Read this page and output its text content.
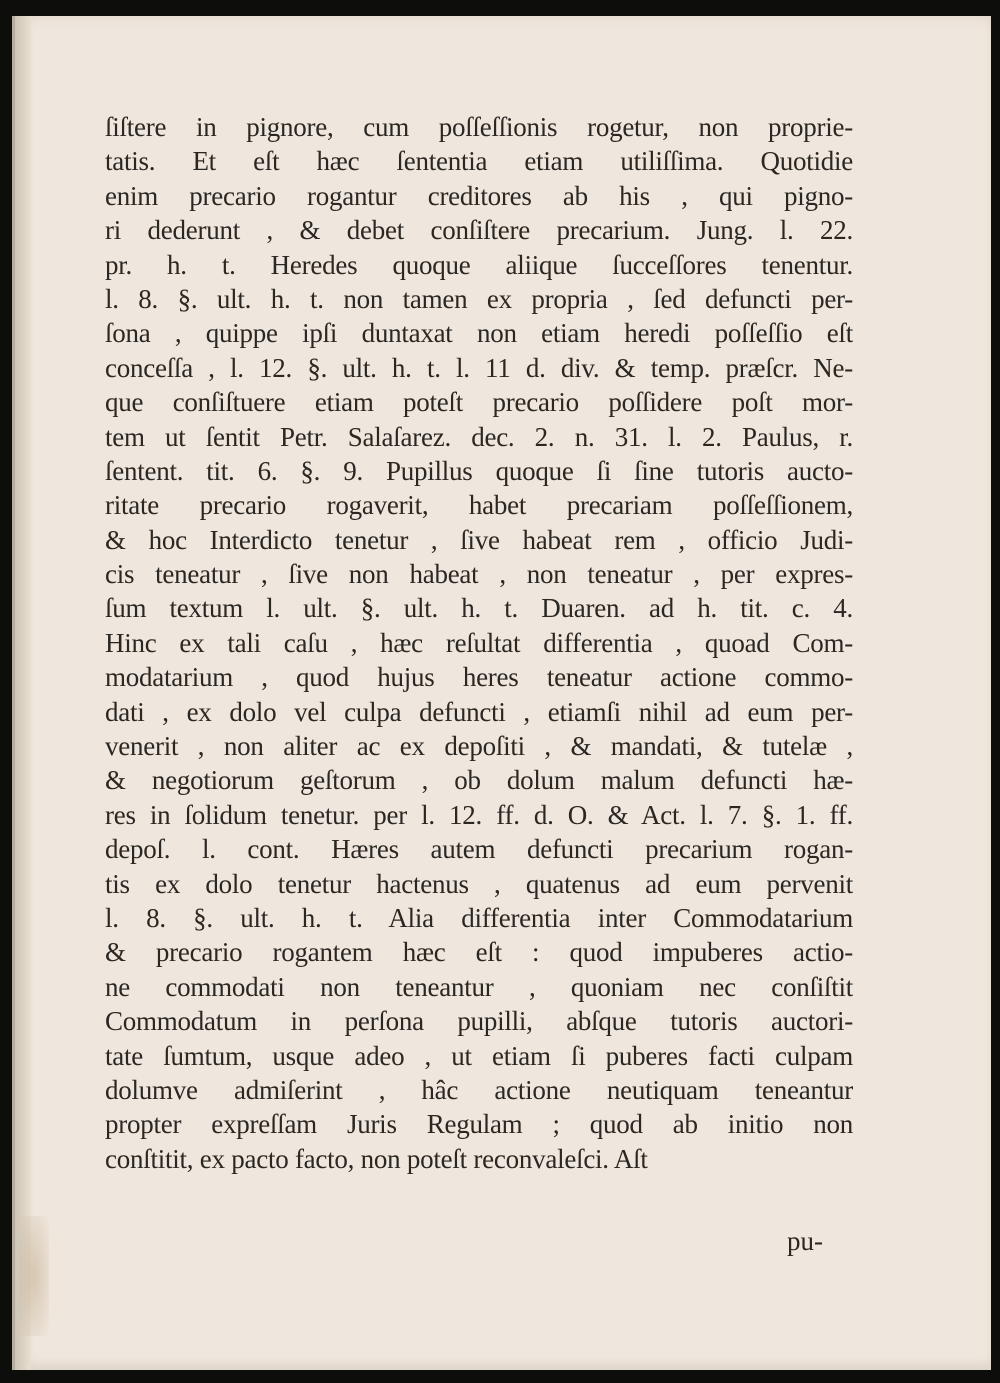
ſiſtere in pignore, cum poſſeſſionis rogetur, non proprie-
tatis. Et eſt hæc ſententia etiam utiliſſima. Quotidie
enim precario rogantur creditores ab his , qui pigno-
ri dederunt , & debet conſiſtere precarium. Jung. l. 22.
pr. h. t. Heredes quoque aliique ſucceſſores tenentur.
l. 8. §. ult. h. t. non tamen ex propria , ſed defuncti per-
ſona , quippe ipſi duntaxat non etiam heredi poſſeſſio eſt
conceſſa , l. 12. §. ult. h. t. l. 11 d. div. & temp. præſcr. Ne-
que conſiſtuere etiam poteſt precario poſſidere poſt mor-
tem ut ſentit Petr. Salaſarez. dec. 2. n. 31. l. 2. Paulus, r.
ſentent. tit. 6. §. 9. Pupillus quoque ſi ſine tutoris aucto-
ritate precario rogaverit, habet precariam poſſeſſionem,
& hoc Interdicto tenetur , ſive habeat rem , officio Judi-
cis teneatur , ſive non habeat , non teneatur , per expres-
ſum textum l. ult. §. ult. h. t. Duaren. ad h. tit. c. 4.
Hinc ex tali caſu , hæc reſultat differentia , quoad Com-
modatarium , quod hujus heres teneatur actione commo-
dati , ex dolo vel culpa defuncti , etiamſi nihil ad eum per-
venerit , non aliter ac ex depoſiti , & mandati, & tutelæ ,
& negotiorum geſtorum , ob dolum malum defuncti hæ-
res in ſolidum tenetur. per l. 12. ff. d. O. & Act. l. 7. §. 1. ff.
depoſ. l. cont. Hæres autem defuncti precarium rogan-
tis ex dolo tenetur hactenus , quatenus ad eum pervenit
l. 8. §. ult. h. t. Alia differentia inter Commodatarium
& precario rogantem hæc eſt : quod impuberes actio-
ne commodati non teneantur , quoniam nec conſiſtit
Commodatum in perſona pupilli, abſque tutoris auctori-
tate ſumtum, usque adeo , ut etiam ſi puberes facti culpam
dolumve admiſerint , hâc actione neutiquam teneantur
propter expreſſam Juris Regulam ; quod ab initio non
conſtitit, ex pacto facto, non poteſt reconvaleſci. Aſt
pu-
